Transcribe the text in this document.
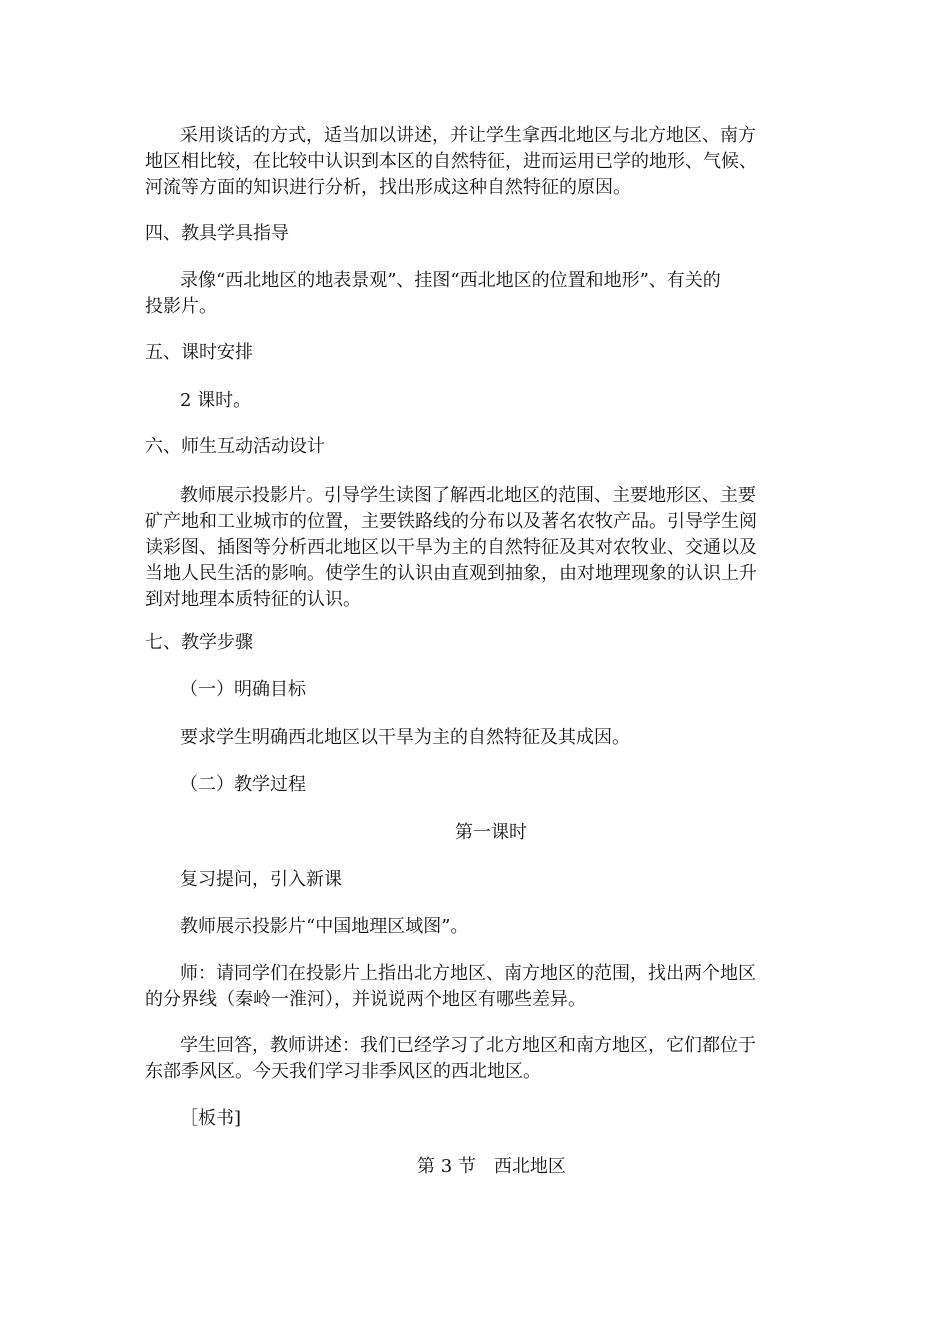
采用谈话的方式，适当加以讲述，并让学生拿西北地区与北方地区、南方

地区相比较，在比较中认识到本区的自然特征，进而运用已学的地形、气候、
河流等方面的知识进行分析，找出形成这种自然特征的原因。

四、教具学具指导

录像“西北地区的地表景观”、挂图“西北地区的位置和地形”、有关的

投影片。

五、课时安排

2 课时。

六、师生互动活动设计

教师展示投影片。引导学生读图了解西北地区的范围、主要地形区、主要

矿产地和工业城市的位置，主要铁路线的分布以及著名农牧产品。引导学生阅
读彩图、插图等分析西北地区以干旱为主的自然特征及其对农牧业、交通以及
当地人民生活的影响。使学生的认识由直观到抽象，由对地理现象的认识上升
到对地理本质特征的认识。

七、教学步骤

（一）明确目标

要求学生明确西北地区以干旱为主的自然特征及其成因。

（二）教学过程

第一课时

复习提问，引入新课

教师展示投影片“中国地理区域图”。

师：请同学们在投影片上指出北方地区、南方地区的范围，找出两个地区

的分界线（秦岭一淮河），并说说两个地区有哪些差异。

学生回答，教师讲述：我们已经学习了北方地区和南方地区，它们都位于

东部季风区。今天我们学习非季风区的西北地区。

［板书]

第 3 节　西北地区
